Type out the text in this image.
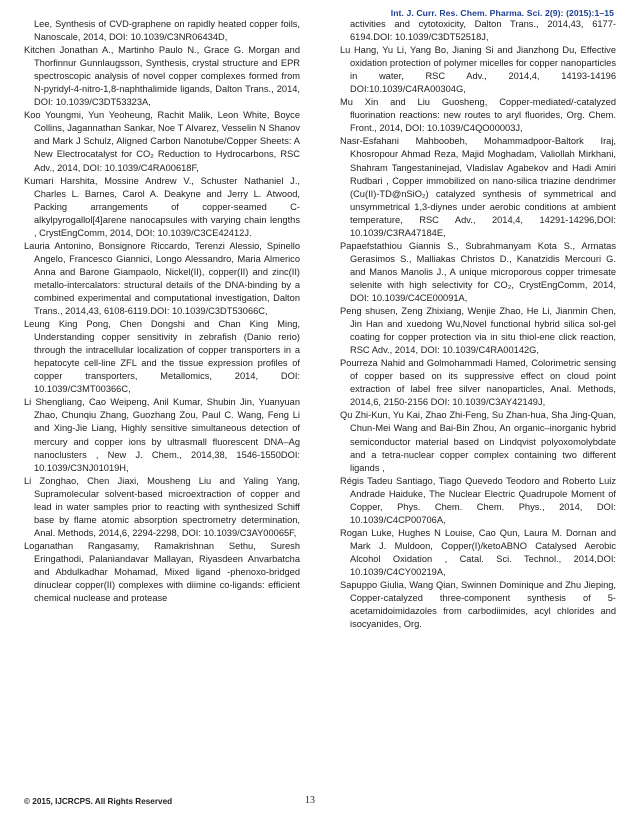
Int. J. Curr. Res. Chem. Pharma. Sci. 2(9): (2015):1–15

Lee, Synthesis of CVD-graphene on rapidly heated copper foils, Nanoscale, 2014, DOI: 10.1039/C3NR06434D,

Kitchen Jonathan A., Martinho Paulo N., Grace G. Morgan and Thorfinnur Gunnlaugsson, Synthesis, crystal structure and EPR spectroscopic analysis of novel copper complexes formed from N-pyridyl-4-nitro-1,8-naphthalimide ligands, Dalton Trans., 2014, DOI: 10.1039/C3DT53323A,

Koo Youngmi, Yun Yeoheung, Rachit Malik, Leon White, Boyce Collins, Jagannathan Sankar, Noe T Alvarez, Vesselin N Shanov and Mark J Schulz, Aligned Carbon Nanotube/Copper Sheets: A New Electrocatalyst for CO₂ Reduction to Hydrocarbons, RSC Adv., 2014, DOI: 10.1039/C4RA00618F,

Kumari Harshita, Mossine Andrew V., Schuster Nathaniel J., Charles L. Barnes, Carol A. Deakyne and Jerry L. Atwood, Packing arrangements of copper-seamed C-alkylpyrogallol[4]arene nanocapsules with varying chain lengths , CrystEngComm, 2014, DOI: 10.1039/C3CE42412J.

Lauria Antonino, Bonsignore Riccardo, Terenzi Alessio, Spinello Angelo, Francesco Giannici, Longo Alessandro, Maria Almerico Anna and Barone Giampaolo, Nickel(II), copper(II) and zinc(II) metallo-intercalators: structural details of the DNA-binding by a combined experimental and computational investigation, Dalton Trans., 2014,43, 6108-6119.DOI: 10.1039/C3DT53066C,

Leung King Pong, Chen Dongshi and Chan King Ming, Understanding copper sensitivity in zebrafish (Danio rerio) through the intracellular localization of copper transporters in a hepatocyte cell-line ZFL and the tissue expression profiles of copper transporters, Metallomics, 2014, DOI: 10.1039/C3MT00366C,

Li Shengliang, Cao Weipeng, Anil Kumar, Shubin Jin, Yuanyuan Zhao, Chunqiu Zhang, Guozhang Zou, Paul C. Wang, Feng Li and Xing-Jie Liang, Highly sensitive simultaneous detection of mercury and copper ions by ultrasmall fluorescent DNA–Ag nanoclusters , New J. Chem., 2014,38, 1546-1550DOI: 10.1039/C3NJ01019H,

Li Zonghao, Chen Jiaxi, Mousheng Liu and Yaling Yang, Supramolecular solvent-based microextraction of copper and lead in water samples prior to reacting with synthesized Schiff base by flame atomic absorption spectrometry determination, Anal. Methods, 2014,6, 2294-2298, DOI: 10.1039/C3AY00065F,

Loganathan Rangasamy, Ramakrishnan Sethu, Suresh Eringathodi, Palaniandavar Mallayan, Riyasdeen Anvarbatcha and Abdulkadhar Mohamad, Mixed ligand -phenoxo-bridged dinuclear copper(II) complexes with diimine co-ligands: efficient chemical nuclease and protease

activities and cytotoxicity, Dalton Trans., 2014,43, 6177-6194.DOI: 10.1039/C3DT52518J,

Lu Hang, Yu Li, Yang Bo, Jianing Si and Jianzhong Du, Effective oxidation protection of polymer micelles for copper nanoparticles in water, RSC Adv., 2014,4, 14193-14196 DOI:10.1039/C4RA00304G,

Mu Xin and Liu Guosheng, Copper-mediated/-catalyzed fluorination reactions: new routes to aryl fluorides, Org. Chem. Front., 2014, DOI: 10.1039/C4QO00003J,

Nasr-Esfahani Mahboobeh, Mohammadpoor-Baltork Iraj, Khosropour Ahmad Reza, Majid Moghadam, Valiollah Mirkhani, Shahram Tangestaninejad, Vladislav Agabekov and Hadi Amiri Rudbari , Copper immobilized on nano-silica triazine dendrimer (Cu(II)-TD@nSiO₂) catalyzed synthesis of symmetrical and unsymmetrical 1,3-diynes under aerobic conditions at ambient temperature, RSC Adv., 2014,4, 14291-14296,DOI: 10.1039/C3RA47184E,

Papaefstathiou Giannis S., Subrahmanyam Kota S., Armatas Gerasimos S., Malliakas Christos D., Kanatzidis Mercouri G. and Manos Manolis J., A unique microporous copper trimesate selenite with high selectivity for CO₂, CrystEngComm, 2014, DOI: 10.1039/C4CE00091A,

Peng shusen, Zeng Zhixiang, Wenjie Zhao, He Li, Jianmin Chen, Jin Han and xuedong Wu,Novel functional hybrid silica sol-gel coating for copper protection via in situ thiol-ene click reaction, RSC Adv., 2014, DOI: 10.1039/C4RA00142G,

Pourreza Nahid and Golmohammadi Hamed, Colorimetric sensing of copper based on its suppressive effect on cloud point extraction of label free silver nanoparticles, Anal. Methods, 2014,6, 2150-2156 DOI: 10.1039/C3AY42149J,

Qu Zhi-Kun, Yu Kai, Zhao Zhi-Feng, Su Zhan-hua, Sha Jing-Quan, Chun-Mei Wang and Bai-Bin Zhou, An organic–inorganic hybrid semiconductor material based on Lindqvist polyoxomolybdate and a tetra-nuclear copper complex containing two different ligands ,

Régis Tadeu Santiago, Tiago Quevedo Teodoro and Roberto Luiz Andrade Haiduke, The Nuclear Electric Quadrupole Moment of Copper, Phys. Chem. Chem. Phys., 2014, DOI: 10.1039/C4CP00706A,

Rogan Luke, Hughes N Louise, Cao Qun, Laura M. Dornan and Mark J. Muldoon, Copper(I)/ketoABNO Catalysed Aerobic Alcohol Oxidation , Catal. Sci. Technol., 2014,DOI: 10.1039/C4CY00219A,

Sapuppo Giulia, Wang Qian, Swinnen Dominique and Zhu Jieping, Copper-catalyzed three-component synthesis of 5-acetamidoimidazoles from carbodiimides, acyl chlorides and isocyanides, Org.

© 2015, IJCRCPS. All Rights Reserved	13
